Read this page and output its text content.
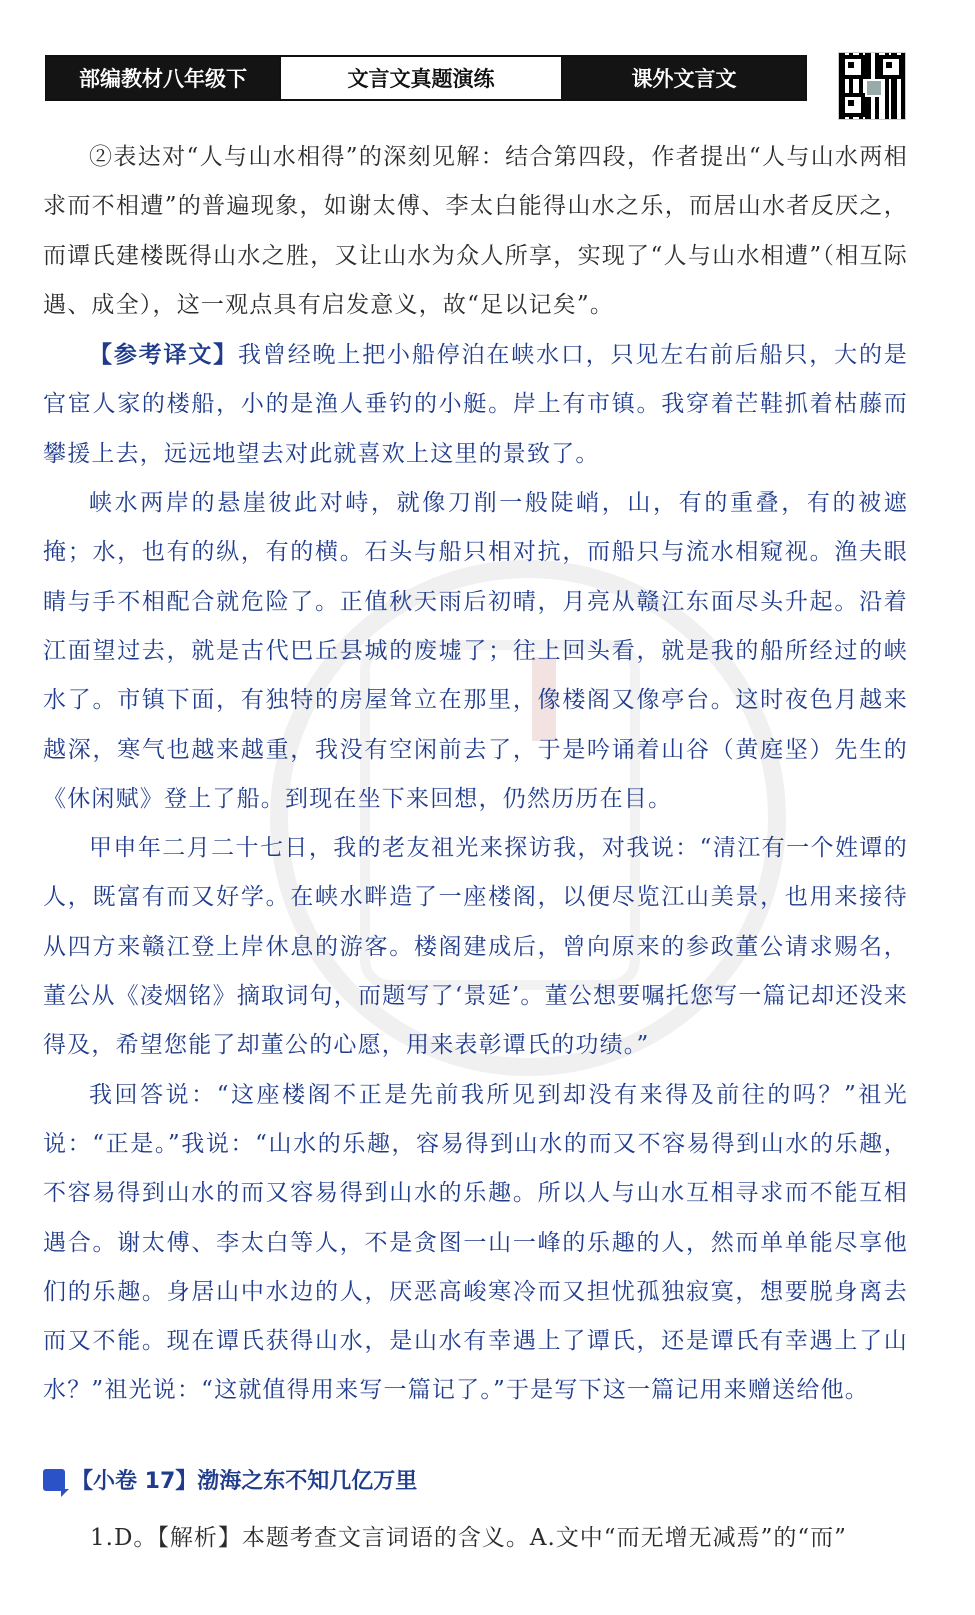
部编教材八年级下	文言文真题演练	课外文言文

②表达对“人与山水相得”的深刻见解：结合第四段，作者提出“人与山水两相求而不相遭”的普遍现象，如谢太傅、李太白能得山水之乐，而居山水者反厌之，而谭氏建楼既得山水之胜，又让山水为众人所享，实现了“人与山水相遭”（相互际遇、成全），这一观点具有启发意义，故“足以记矣”。

【参考译文】我曾经晚上把小船停泊在峡水口，只见左右前后船只，大的是官宦人家的楼船，小的是渔人垂钓的小艇。岸上有市镇。我穿着芒鞋抓着枯藤而攀援上去，远远地望去对此就喜欢上这里的景致了。

峡水两岸的悬崖彼此对峙，就像刀削一般陡峭，山，有的重叠，有的被遮掩；水，也有的纵，有的横。石头与船只相对抗，而船只与流水相窥视。渔夫眼睛与手不相配合就危险了。正值秋天雨后初晴，月亮从赣江东面尽头升起。沿着江面望过去，就是古代巴丘县城的废墟了；往上回头看，就是我的船所经过的峡水了。市镇下面，有独特的房屋耸立在那里，像楼阁又像亭台。这时夜色月越来越深，寒气也越来越重，我没有空闲前去了，于是吟诵着山谷（黄庭坚）先生的《休闲赋》登上了船。到现在坐下来回想，仍然历历在目。

甲申年二月二十七日，我的老友祖光来探访我，对我说：“清江有一个姓谭的人，既富有而又好学。在峡水畔造了一座楼阁，以便尽览江山美景，也用来接待从四方来赣江登上岸休息的游客。楼阁建成后，曾向原来的参政董公请求赐名，董公从《凌烟铭》摘取词句，而题写了‘景延’。董公想要嘱托您写一篇记却还没来得及，希望您能了却董公的心愿，用来表彰谭氏的功绩。”

我回答说：“这座楼阁不正是先前我所见到却没有来得及前往的吗？”祖光说：“正是。”我说：“山水的乐趣，容易得到山水的而又不容易得到山水的乐趣，不容易得到山水的而又容易得到山水的乐趣。所以人与山水互相寻求而不能互相遇合。谢太傅、李太白等人，不是贪图一山一峰的乐趣的人，然而单单能尽享他们的乐趣。身居山中水边的人，厌恶高峻寒冷而又担忧孤独寂寞，想要脱身离去而又不能。现在谭氏获得山水，是山水有幸遇上了谭氏，还是谭氏有幸遇上了山水？”祖光说：“这就值得用来写一篇记了。”于是写下这一篇记用来赠送给他。

【小卷 17】渤海之东不知几亿万里
1.D。【解析】本题考查文言词语的含义。A.文中“而无增无减焉”的“而”
